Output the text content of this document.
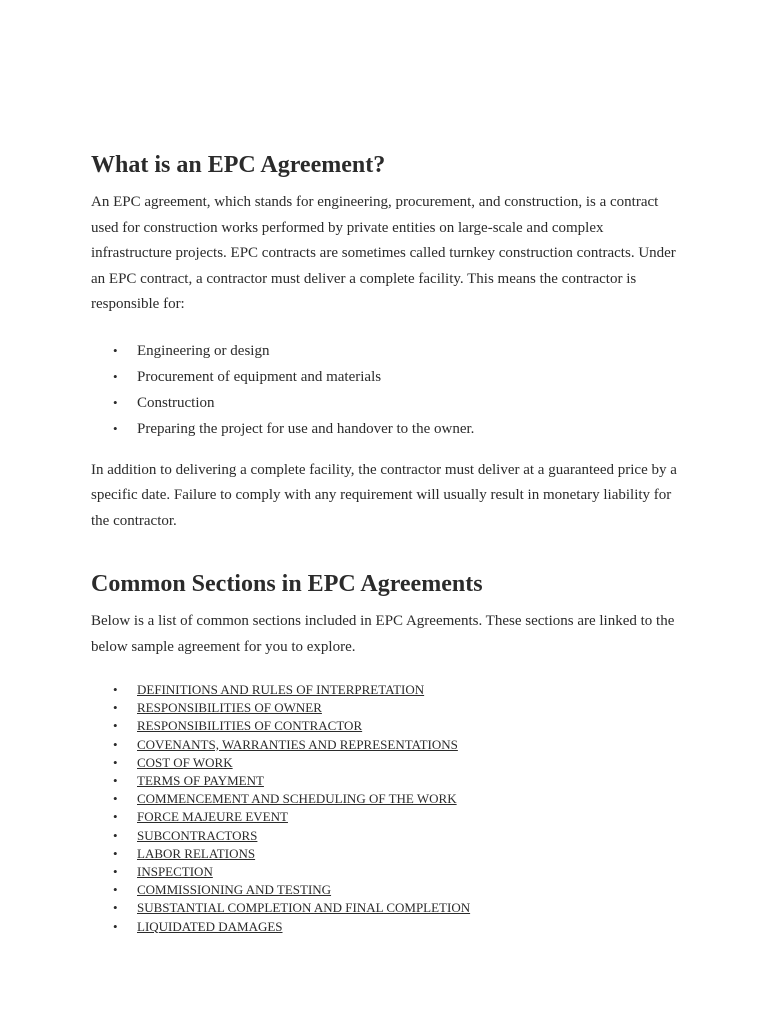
What is an EPC Agreement?

An EPC agreement, which stands for engineering, procurement, and construction, is a contract used for construction works performed by private entities on large-scale and complex infrastructure projects. EPC contracts are sometimes called turnkey construction contracts. Under an EPC contract, a contractor must deliver a complete facility. This means the contractor is responsible for:

• Engineering or design
• Procurement of equipment and materials
• Construction
• Preparing the project for use and handover to the owner.

In addition to delivering a complete facility, the contractor must deliver at a guaranteed price by a specific date. Failure to comply with any requirement will usually result in monetary liability for the contractor.

Common Sections in EPC Agreements

Below is a list of common sections included in EPC Agreements. These sections are linked to the below sample agreement for you to explore.

• DEFINITIONS AND RULES OF INTERPRETATION
• RESPONSIBILITIES OF OWNER
• RESPONSIBILITIES OF CONTRACTOR
• COVENANTS, WARRANTIES AND REPRESENTATIONS
• COST OF WORK
• TERMS OF PAYMENT
• COMMENCEMENT AND SCHEDULING OF THE WORK
• FORCE MAJEURE EVENT
• SUBCONTRACTORS
• LABOR RELATIONS
• INSPECTION
• COMMISSIONING AND TESTING
• SUBSTANTIAL COMPLETION AND FINAL COMPLETION
• LIQUIDATED DAMAGES
